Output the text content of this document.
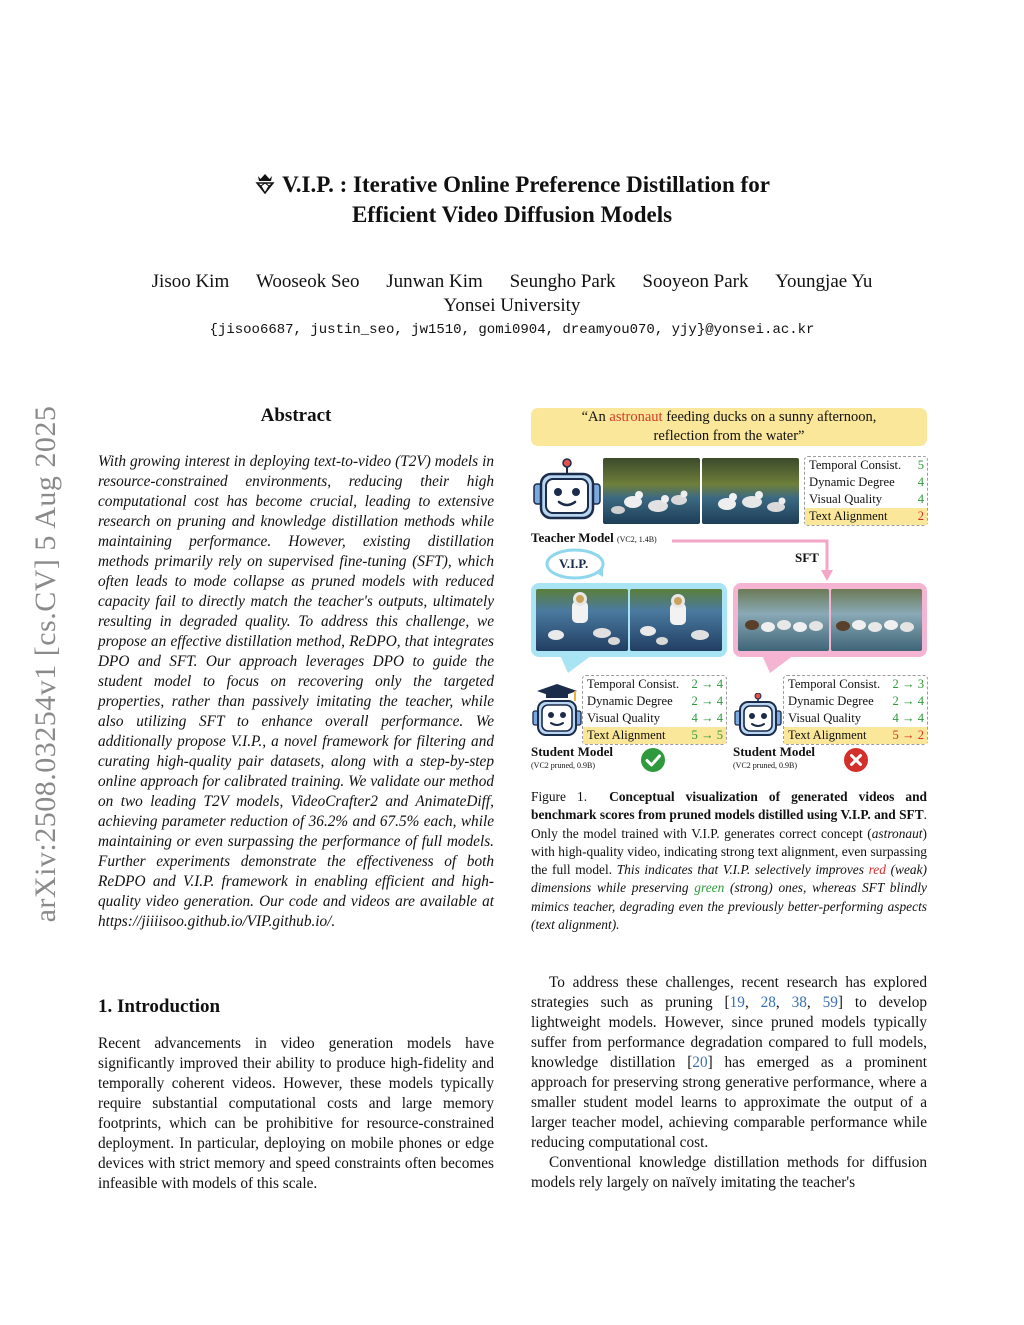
arXiv:2508.03254v1 [cs.CV] 5 Aug 2025
V.I.P. : Iterative Online Preference Distillation for
Efficient Video Diffusion Models
Jisoo Kim Wooseok Seo Junwan Kim Seungho Park Sooyeon Park Youngjae Yu
Yonsei University
{jisoo6687, justin_seo, jw1510, gomi0904, dreamyou070, yjy}@yonsei.ac.kr
Abstract

With growing interest in deploying text-to-video (T2V) models in resource-constrained environments, reducing their high computational cost has become crucial, leading to extensive research on pruning and knowledge distillation methods while maintaining performance. However, existing distillation methods primarily rely on supervised fine-tuning (SFT), which often leads to mode collapse as pruned models with reduced capacity fail to directly match the teacher's outputs, ultimately resulting in degraded quality. To address this challenge, we propose an effective distillation method, ReDPO, that integrates DPO and SFT. Our approach leverages DPO to guide the student model to focus on recovering only the targeted properties, rather than passively imitating the teacher, while also utilizing SFT to enhance overall performance. We additionally propose V.I.P., a novel framework for filtering and curating high-quality pair datasets, along with a step-by-step online approach for calibrated training. We validate our method on two leading T2V models, VideoCrafter2 and AnimateDiff, achieving parameter reduction of 36.2% and 67.5% each, while maintaining or even surpassing the performance of full models. Further experiments demonstrate the effectiveness of both ReDPO and V.I.P. framework in enabling efficient and high-quality video generation. Our code and videos are available at https://jiiiisoo.github.io/VIP.github.io/.

1. Introduction

Recent advancements in video generation models have significantly improved their ability to produce high-fidelity and temporally coherent videos. However, these models typically require substantial computational costs and large memory footprints, which can be prohibitive for resource-constrained deployment. In particular, deploying on mobile phones or edge devices with strict memory and speed constraints often becomes infeasible with models of this scale.

To address these challenges, recent research has explored strategies such as pruning [19, 28, 38, 59] to develop lightweight models. However, since pruned models typically suffer from performance degradation compared to full models, knowledge distillation [20] has emerged as a prominent approach for preserving strong generative performance, where a smaller student model learns to approximate the output of a larger teacher model, achieving comparable performance while reducing computational cost.

Conventional knowledge distillation methods for diffusion models rely largely on naïvely imitating the teacher's

“An astronaut feeding ducks on a sunny afternoon,
reflection from the water”
Temporal Consist. 5
Dynamic Degree 4
Visual Quality	4
Text Alignment 2
Teacher Model (VC2, 1.4B)
V.I.P.	SFT
Temporal Consist. 2 → 4
Dynamic Degree 2 → 4
Visual Quality 4 → 4
Text Alignment 5 → 5
Student Model
(VC2 pruned, 0.9B)
Temporal Consist. 2 → 3
Dynamic Degree 2 → 4
Visual Quality 4 → 4
Text Alignment 5 → 2
Student Model
(VC2 pruned, 0.9B)
Figure 1. Conceptual visualization of generated videos and benchmark scores from pruned models distilled using V.I.P. and SFT. Only the model trained with V.I.P. generates correct concept (astronaut) with high-quality video, indicating strong text alignment, even surpassing the full model. This indicates that V.I.P. selectively improves red (weak) dimensions while preserving green (strong) ones, whereas SFT blindly mimics teacher, degrading even the previously better-performing aspects (text alignment).
